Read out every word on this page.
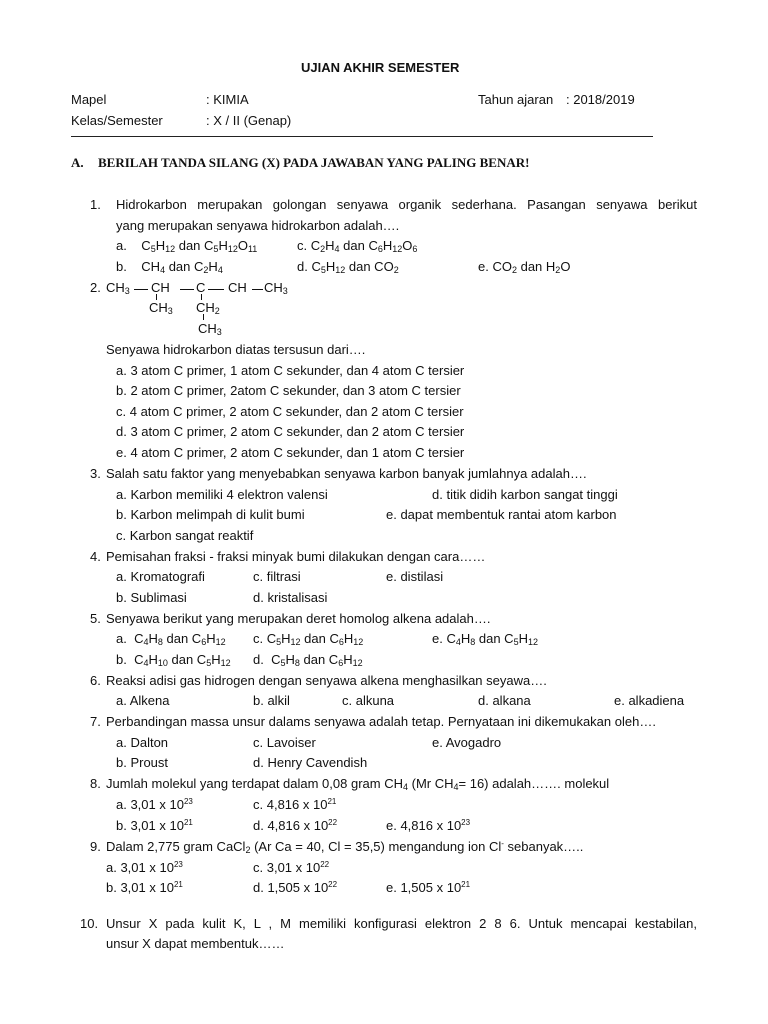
UJIAN AKHIR SEMESTER
Mapel	: KIMIA	Tahun ajaran : 2018/2019
Kelas/Semester	: X / II (Genap)
A. BERILAH TANDA SILANG (X) PADA JAWABAN YANG PALING BENAR!
1. Hidrokarbon merupakan golongan senyawa organik sederhana. Pasangan senyawa berikut
yang merupakan senyawa hidrokarbon adalah….
a.    $C_5H_{12}$ dan $C_5H_{12}O_{11}$	c. $C_2H_4$ dan $C_6H_{12}O_6$
b.    $CH_4$ dan $C_2H_4$	d. $C_5H_{12}$ dan $CO_2$	e. $CO_2$ dan $H_2O$
2. $CH_3$ CH C CH $CH_3$
$CH_3$ $CH_2$
$CH_3$
Senyawa hidrokarbon diatas tersusun dari….
a. 3 atom C primer, 1 atom C sekunder, dan 4 atom C tersier
b. 2 atom C primer, 2atom C sekunder, dan 3 atom C tersier
c. 4 atom C primer, 2 atom C sekunder, dan 2 atom C tersier
d. 3 atom C primer, 2 atom C sekunder, dan 2 atom C tersier
e. 4 atom C primer, 2 atom C sekunder, dan 1 atom C tersier
3. Salah satu faktor yang menyebabkan senyawa karbon banyak jumlahnya adalah….
a. Karbon memiliki 4 elektron valensi	d. titik didih karbon sangat tinggi
b. Karbon melimpah di kulit bumi	e. dapat membentuk rantai atom karbon
c. Karbon sangat reaktif
4. Pemisahan fraksi - fraksi minyak bumi dilakukan dengan cara……
a. Kromatografi	c. filtrasi	e. distilasi
b. Sublimasi	d. kristalisasi
5. Senyawa berikut yang merupakan deret homolog alkena adalah….
a.  $C_4H_8$ dan $C_6H_{12}$ c. $C_5H_{12}$ dan $C_6H_{12}$	e. $C_4H_8$ dan $C_5H_{12}$
b.  $C_4H_{10}$ dan $C_5H_{12}$ d.  $C_5H_8$ dan $C_6H_{12}$
6. Reaksi adisi gas hidrogen dengan senyawa alkena menghasilkan seyawa….
a. Alkena	b. alkil	c. alkuna	d. alkana	e. alkadiena
7. Perbandingan massa unsur dalams senyawa adalah tetap. Pernyataan ini dikemukakan oleh….
a. Dalton	c. Lavoiser	e. Avogadro
b. Proust	d. Henry Cavendish
8. Jumlah molekul yang terdapat dalam 0,08 gram $CH_4$ (Mr $CH_4= 16$) adalah……. molekul
a. 3,01 x $10^{23}$	c. 4,816 x $10^{21}$
b. 3,01 x $10^{21}$	d. 4,816 x $10^{22}$	e. 4,816 x $10^{23}$
9. Dalam 2,775 gram CaCl$_2$ (Ar Ca = 40, Cl = 35,5) mengandung ion Cl- sebanyak…..
a. 3,01 x $10^{23}$	c. 3,01 x $10^{22}$
b. 3,01 x $10^{21}$	d. 1,505 x $10^{22}$	e. 1,505 x $10^{21}$
10. Unsur X pada kulit K, L , M memiliki konfigurasi elektron 2 8 6. Untuk mencapai kestabilan,
unsur X dapat membentuk……
